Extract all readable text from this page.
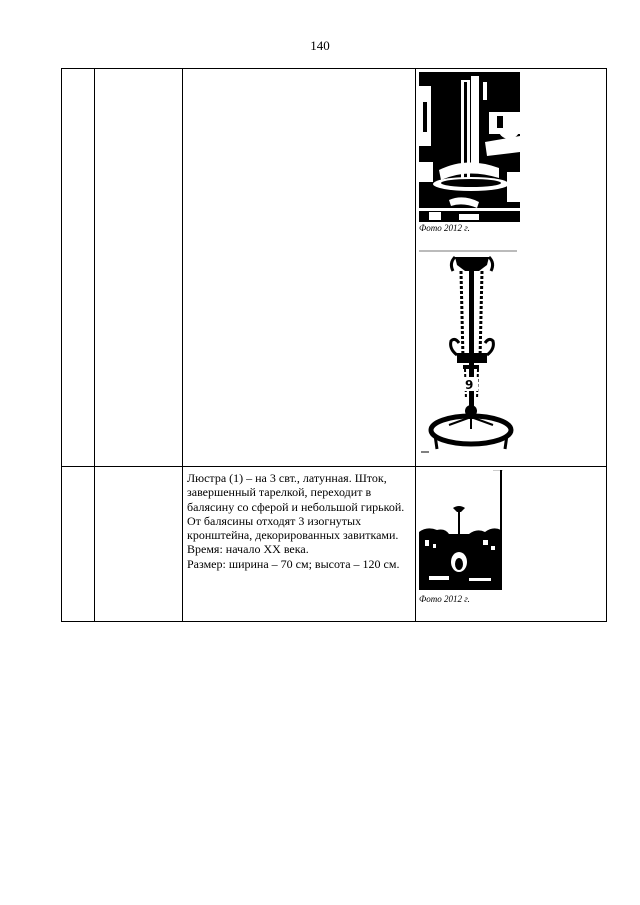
140

			Фото 2012 г.
9

		Люстра (1) – на 3 свт., латунная. Шток, завершенный тарелкой, переходит в балясину со сферой и небольшой гирькой. От балясины отходят 3 изогнутых кронштейна, декорированных завитками.

Время: начало XX века.

Размер: ширина – 70 см; высота – 120 см.	Фото 2012 г.
